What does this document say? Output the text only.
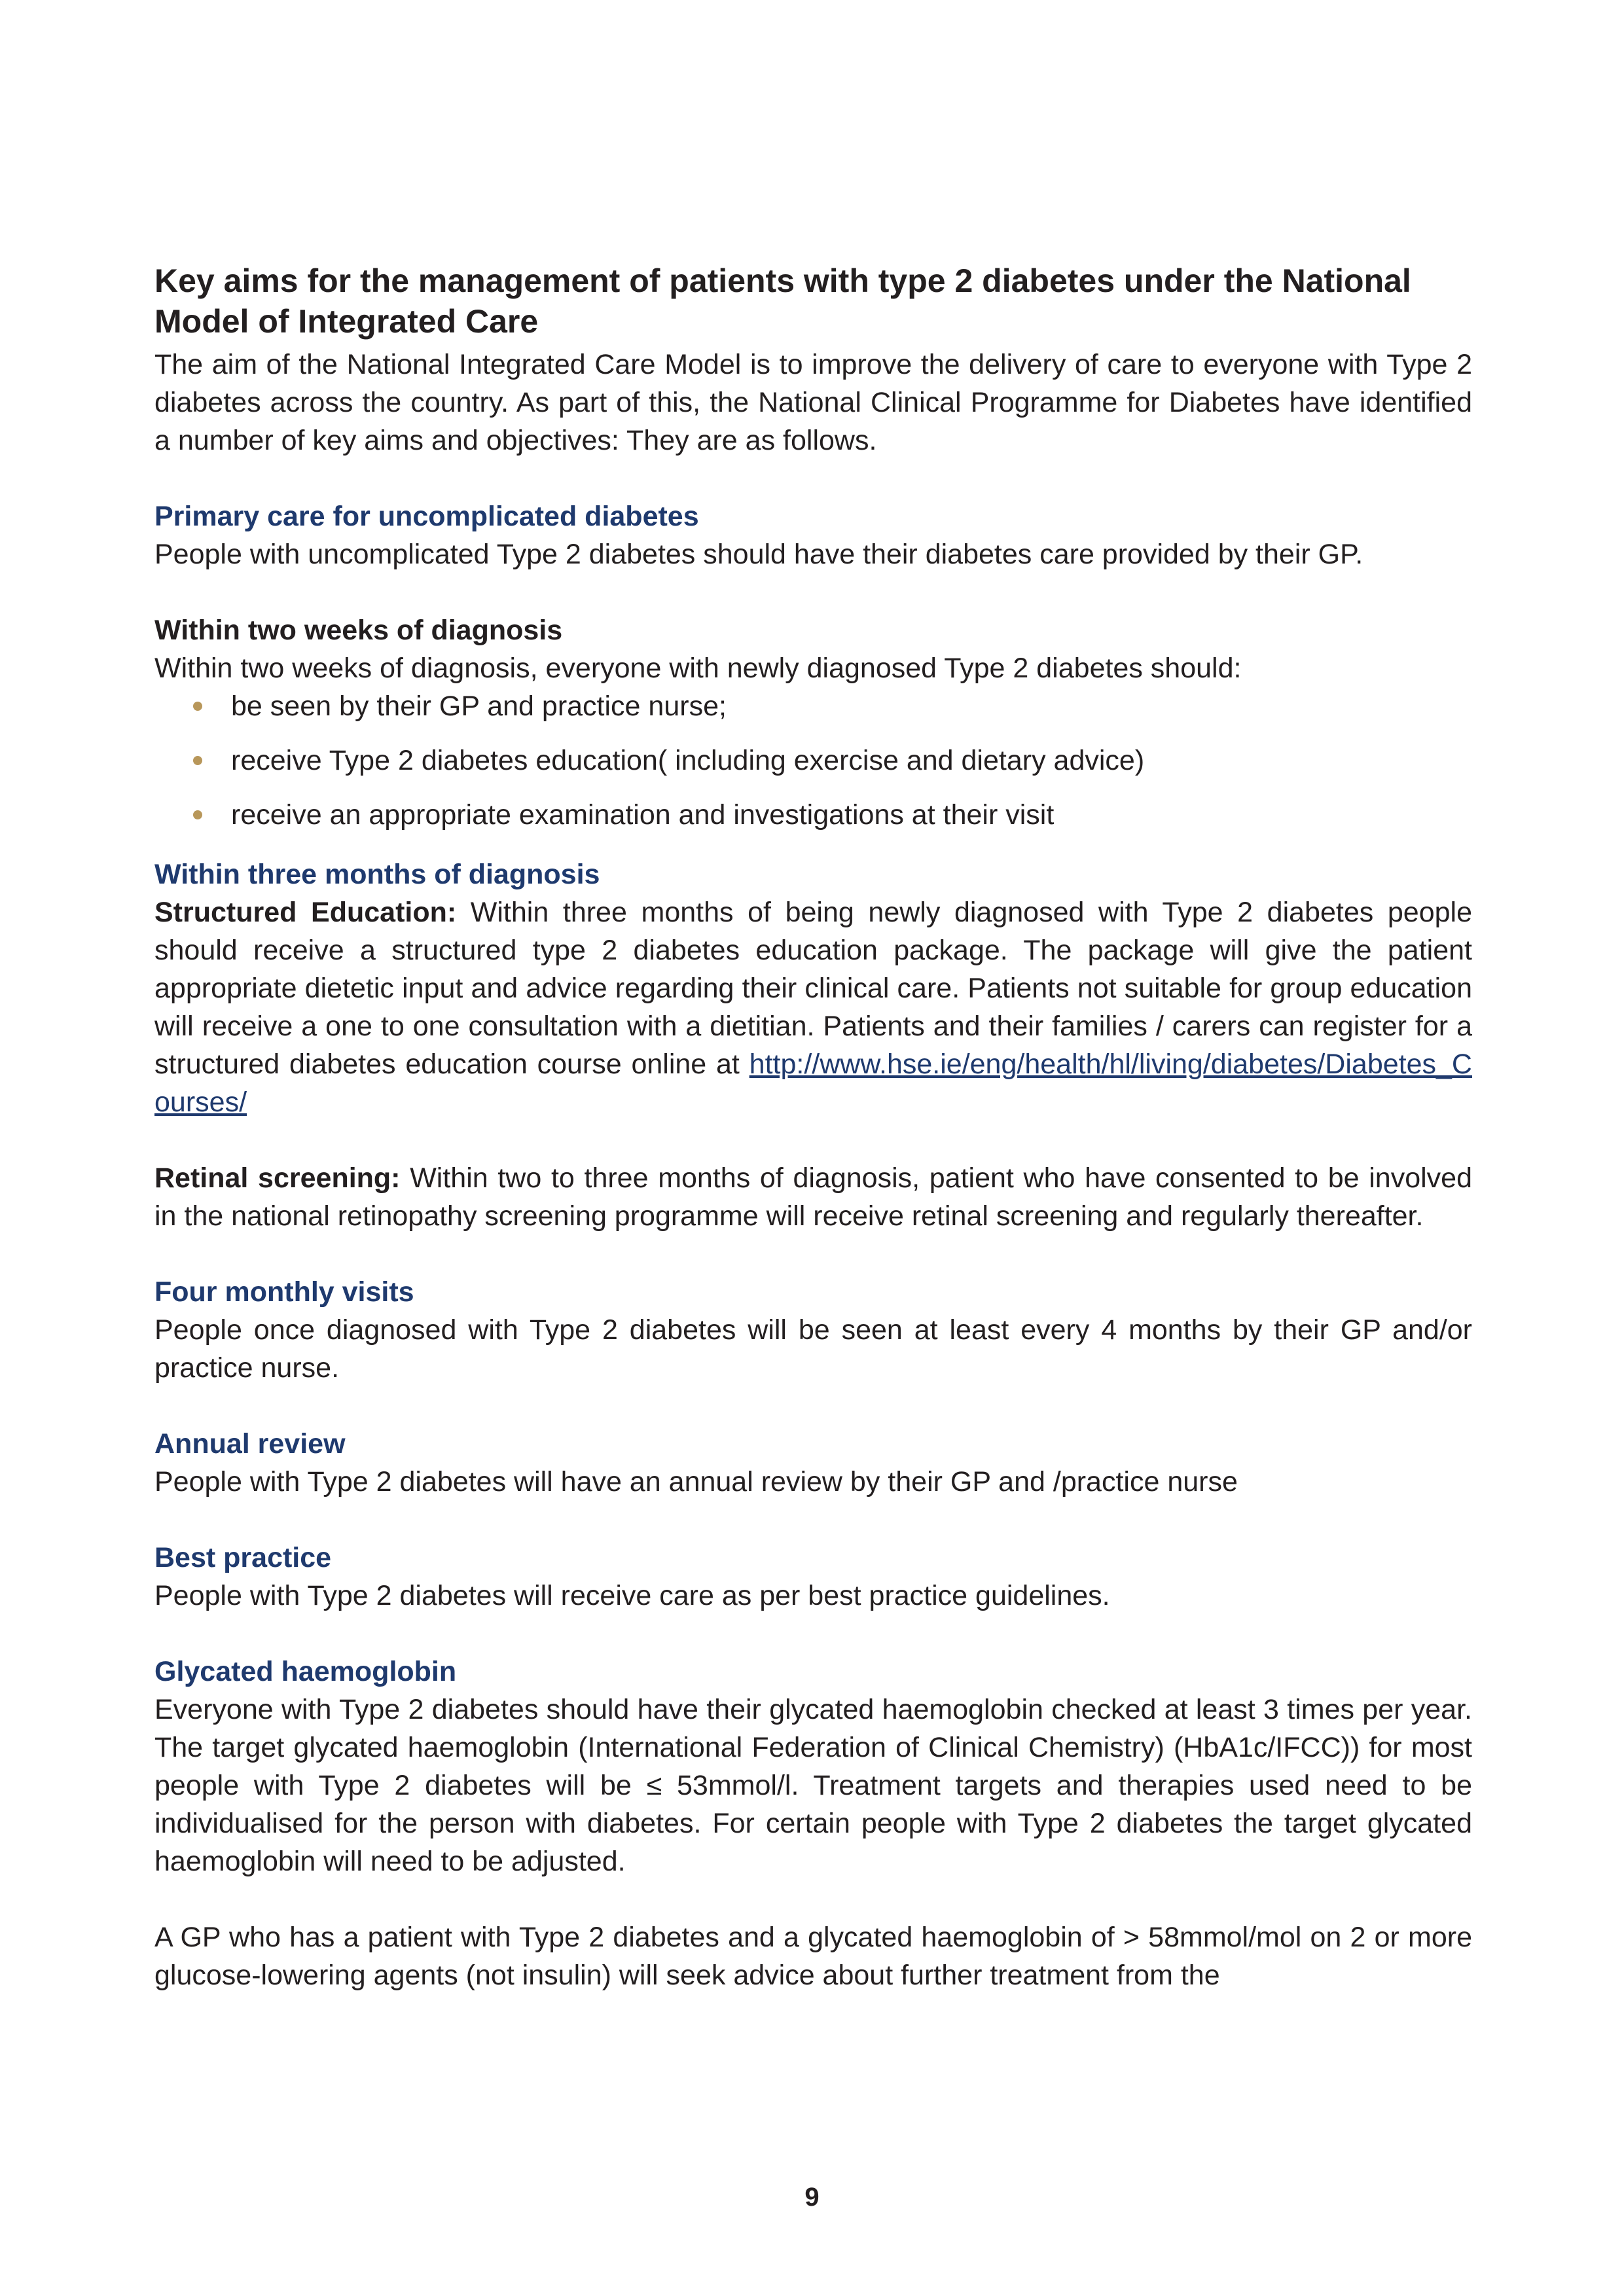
Key aims for the management of patients with type 2 diabetes under the National Model of Integrated Care

The aim of the National Integrated Care Model is to improve the delivery of care to everyone with Type 2 diabetes across the country. As part of this, the National Clinical Programme for Diabetes have identified a number of key aims and objectives: They are as follows.

Primary care for uncomplicated diabetes

People with uncomplicated Type 2 diabetes should have their diabetes care provided by their GP.

Within two weeks of diagnosis

Within two weeks of diagnosis, everyone with newly diagnosed Type 2 diabetes should:

be seen by their GP and practice nurse;
receive Type 2 diabetes education( including exercise and dietary advice)
receive an appropriate examination and investigations at their visit
Within three months of diagnosis

Structured Education: Within three months of being newly diagnosed with Type 2 diabetes people should receive a structured type 2 diabetes education package. The package will give the patient appropriate dietetic input and advice regarding their clinical care. Patients not suitable for group education will receive a one to one consultation with a dietitian. Patients and their families / carers can register for a structured diabetes education course online at http://www.hse.ie/eng/health/hl/living/diabetes/Diabetes_Courses/

Retinal screening: Within two to three months of diagnosis, patient who have consented to be involved in the national retinopathy screening programme will receive retinal screening and regularly thereafter.

Four monthly visits

People once diagnosed with Type 2 diabetes will be seen at least every 4 months by their GP and/or practice nurse.

Annual review

People with Type 2 diabetes will have an annual review by their GP and /practice nurse

Best practice

People with Type 2 diabetes will receive care as per best practice guidelines.

Glycated haemoglobin

Everyone with Type 2 diabetes should have their glycated haemoglobin checked at least 3 times per year. The target glycated haemoglobin (International Federation of Clinical Chemistry) (HbA1c/IFCC)) for most people with Type 2 diabetes will be ≤ 53mmol/l. Treatment targets and therapies used need to be individualised for the person with diabetes. For certain people with Type 2 diabetes the target glycated haemoglobin will need to be adjusted.

A GP who has a patient with Type 2 diabetes and a glycated haemoglobin of > 58mmol/mol on 2 or more glucose-lowering agents (not insulin) will seek advice about further treatment from the

9
